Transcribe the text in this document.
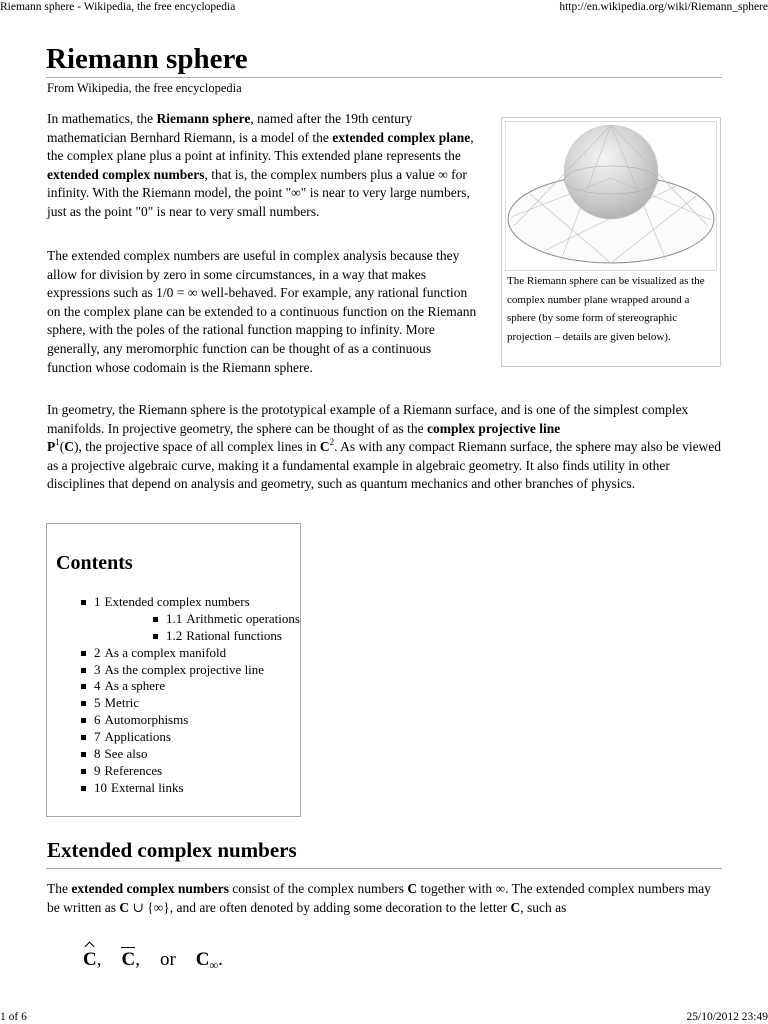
Riemann sphere - Wikipedia, the free encyclopedia	http://en.wikipedia.org/wiki/Riemann_sphere
Riemann sphere
From Wikipedia, the free encyclopedia

In mathematics, the Riemann sphere, named after the 19th century mathematician Bernhard Riemann, is a model of the extended complex plane, the complex plane plus a point at infinity. This extended plane represents the extended complex numbers, that is, the complex numbers plus a value ∞ for infinity. With the Riemann model, the point "∞" is near to very large numbers, just as the point "0" is near to very small numbers.

The extended complex numbers are useful in complex analysis because they allow for division by zero in some circumstances, in a way that makes expressions such as 1/0 = ∞ well-behaved. For example, any rational function on the complex plane can be extended to a continuous function on the Riemann sphere, with the poles of the rational function mapping to infinity. More generally, any meromorphic function can be thought of as a continuous function whose codomain is the Riemann sphere.

The Riemann sphere can be visualized as the complex number plane wrapped around a sphere (by some form of stereographic projection – details are given below).

In geometry, the Riemann sphere is the prototypical example of a Riemann surface, and is one of the simplest complex manifolds. In projective geometry, the sphere can be thought of as the complex projective line
$P^1(C)$, the projective space of all complex lines in $C^2$. As with any compact Riemann surface, the sphere may also be viewed as a projective algebraic curve, making it a fundamental example in algebraic geometry. It also finds utility in other disciplines that depend on analysis and geometry, such as quantum mechanics and other branches of physics.

Contents
1 Extended complex numbers
1.1 Arithmetic operations
1.2 Rational functions
2 As a complex manifold
3 As the complex projective line
4 As a sphere
5 Metric
6 Automorphisms
7 Applications
8 See also
9 References
10 External links
Extended complex numbers

The extended complex numbers consist of the complex numbers C together with ∞. The extended complex numbers may be written as C ∪ {∞}, and are often denoted by adding some decoration to the letter C, such as

C, C, or $C_\infty$.
1 of 6	25/10/2012 23:49
